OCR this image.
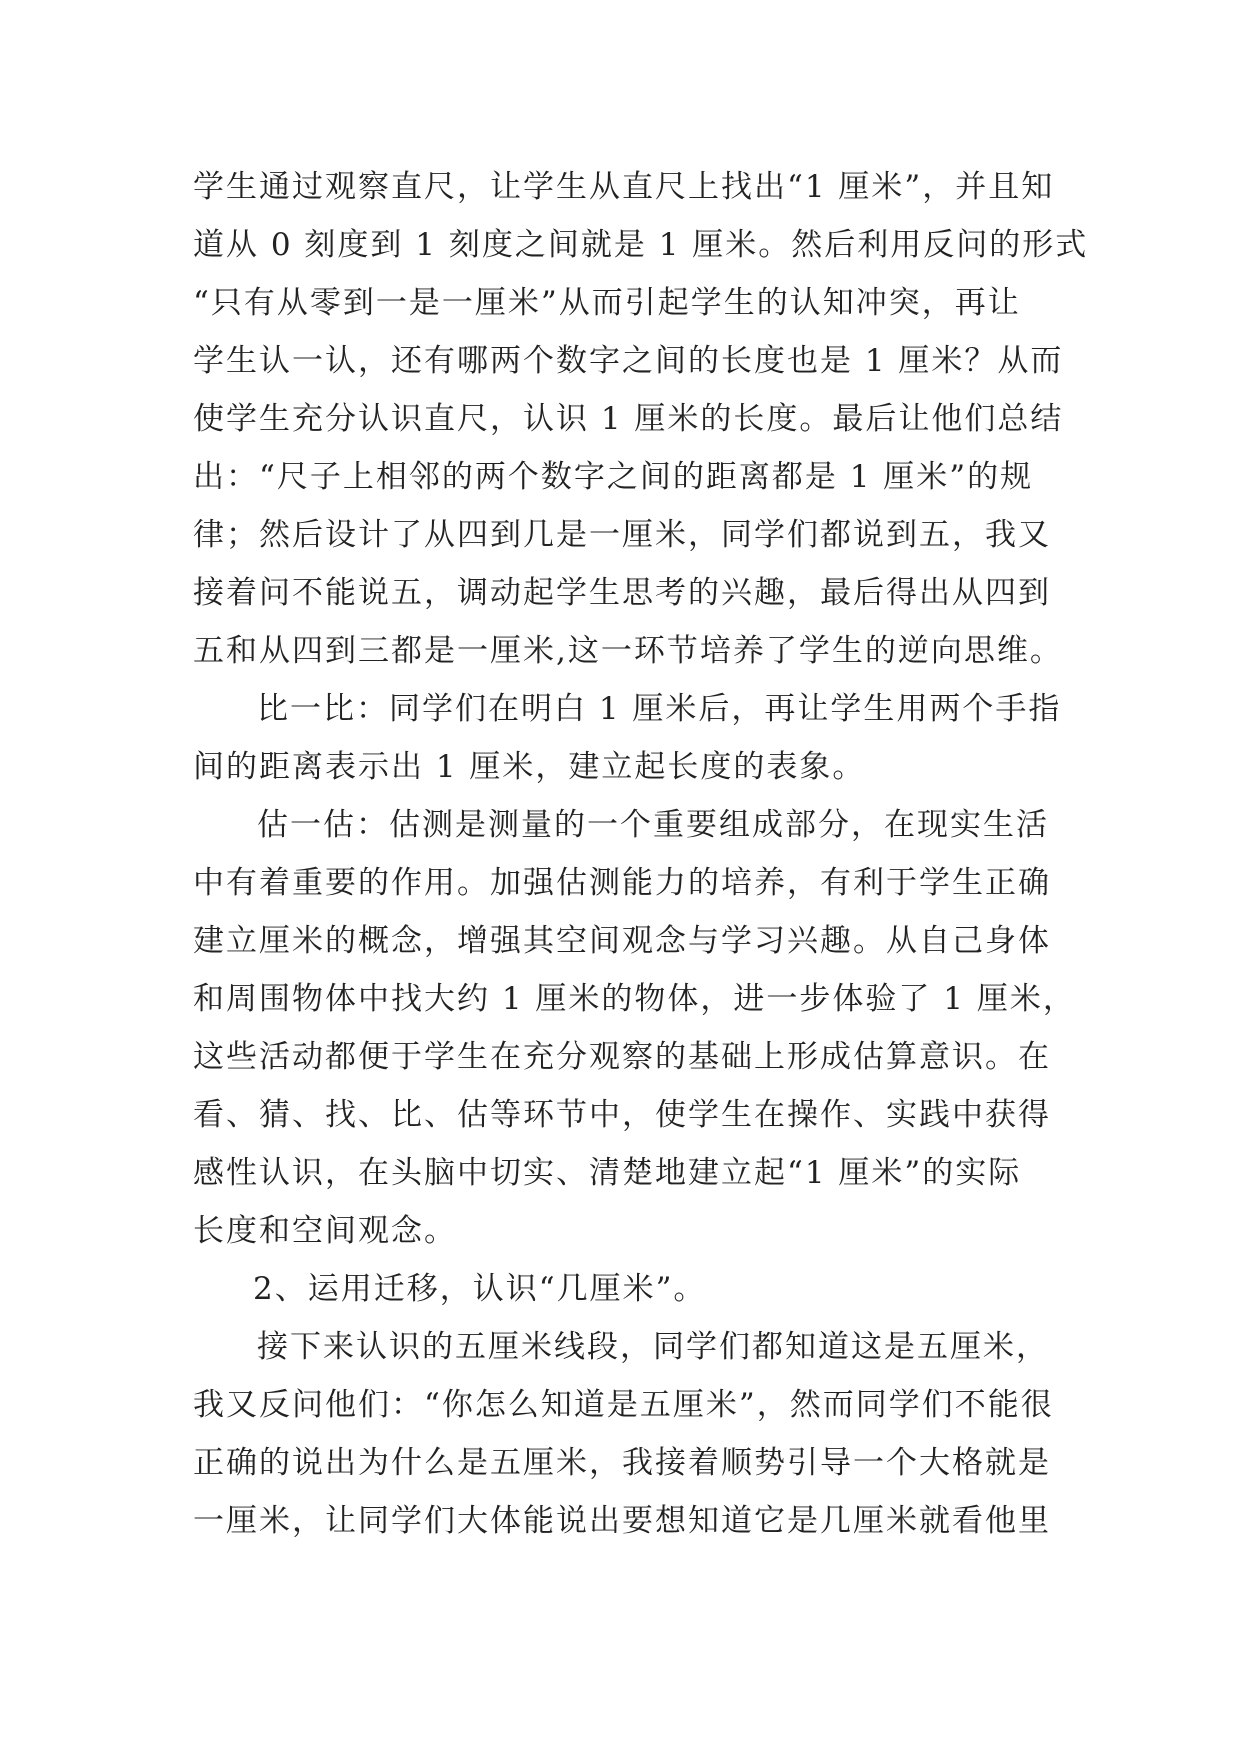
学生通过观察直尺，让学生从直尺上找出“1 厘米”，并且知
道从 0 刻度到 1 刻度之间就是 1 厘米。然后利用反问的形式
“只有从零到一是一厘米”从而引起学生的认知冲突，再让
学生认一认，还有哪两个数字之间的长度也是 1 厘米？从而
使学生充分认识直尺，认识 1 厘米的长度。最后让他们总结
出：“尺子上相邻的两个数字之间的距离都是 1 厘米”的规
律；然后设计了从四到几是一厘米，同学们都说到五，我又
接着问不能说五，调动起学生思考的兴趣，最后得出从四到
五和从四到三都是一厘米,这一环节培养了学生的逆向思维。
比一比：同学们在明白 1 厘米后，再让学生用两个手指
间的距离表示出 1 厘米，建立起长度的表象。
估一估：估测是测量的一个重要组成部分，在现实生活
中有着重要的作用。加强估测能力的培养，有利于学生正确
建立厘米的概念，增强其空间观念与学习兴趣。从自己身体
和周围物体中找大约 1 厘米的物体，进一步体验了 1 厘米，
这些活动都便于学生在充分观察的基础上形成估算意识。在
看、猜、找、比、估等环节中，使学生在操作、实践中获得
感性认识，在头脑中切实、清楚地建立起“1 厘米”的实际
长度和空间观念。
2、运用迁移，认识“几厘米”。
接下来认识的五厘米线段，同学们都知道这是五厘米，
我又反问他们：“你怎么知道是五厘米”，然而同学们不能很
正确的说出为什么是五厘米，我接着顺势引导一个大格就是
一厘米，让同学们大体能说出要想知道它是几厘米就看他里
